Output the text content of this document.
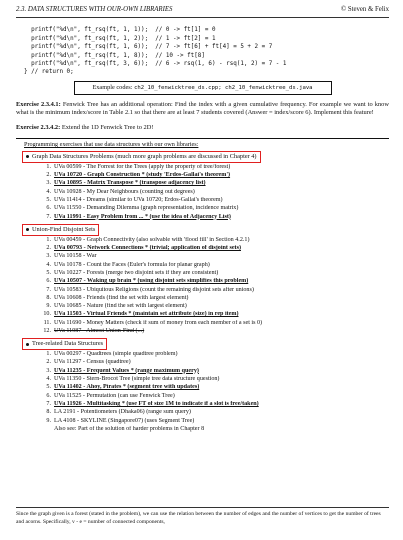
2.3. DATA STRUCTURES WITH OUR-OWN LIBRARIES	© Steven & Felix
printf("%d\n", ft_rsq(ft, 1, 1));  // 0 -> ft[1] = 0
printf("%d\n", ft_rsq(ft, 1, 2));  // 1 -> ft[2] = 1
printf("%d\n", ft_rsq(ft, 1, 6));  // 7 -> ft[6] + ft[4] = 5 + 2 = 7
printf("%d\n", ft_rsq(ft, 1, 8));  // 10 -> ft[8]
printf("%d\n", ft_rsq(ft, 3, 6));  // 6 -> rsq(1, 6) - rsq(1, 2) = 7 - 1
} // return 0;
Example codes: ch2_10_fenwicktree_ds.cpp; ch2_10_fenwicktree_ds.java
Exercise 2.3.4.1: Fenwick Tree has an additional operation: Find the index with a given cumulative frequency. For example we want to know what is the minimum index/score in Table 2.1 so that there are at least 7 students covered (Answer = index/score 6). Implement this feature!
Exercise 2.3.4.2: Extend the 1D Fenwick Tree to 2D!
Programming exercises that use data structures with our own libraries:
Graph Data Structures Problems (much more graph problems are discussed in Chapter 4)
1. UVa 00599 - The Forrest for the Trees (apply the property of tree/forest)
2. UVa 10720 - Graph Construction * (study 'Erdos-Gallai's theorem')
3. UVa 10895 - Matrix Transpose * (transpose adjacency list)
4. UVa 10928 - My Dear Neighbours (counting out degrees)
5. UVa 11414 - Dreams (similar to UVa 10720; Erdos-Gallai's theorem)
6. UVa 11550 - Demanding Dilemma (graph representation, incidence matrix)
7. UVa 11991 - Easy Problem from ... * (use the idea of Adjacency List)
Union-Find Disjoint Sets
1. UVa 00459 - Graph Connectivity (also solvable with 'flood fill' in Section 4.2.1)
2. UVa 00793 - Network Connections * (trivial; application of disjoint sets)
3. UVa 10158 - War
4. UVa 10178 - Count the Faces (Euler's formula for planar graph)
5. UVa 10227 - Forests (merge two disjoint sets if they are consistent)
6. UVa 10507 - Waking up brain * (using disjoint sets simplifies this problem)
7. UVa 10583 - Ubiquitous Religions (count the remaining disjoint sets after unions)
8. UVa 10608 - Friends (find the set with largest element)
9. UVa 10685 - Nature (find the set with largest element)
10. UVa 11503 - Virtual Friends * (maintain set attribute (size) in rep item)
11. UVa 11690 - Money Matters (check if sum of money from each member of a set is 0)
12. UVa 11987 - Almost Union-Find (...)
Tree-related Data Structures
1. UVa 00297 - Quadtrees (simple quadtree problem)
2. UVa 11297 - Census (quadtree)
3. UVa 11235 - Frequent Values * (range maximum query)
4. UVa 11350 - Stern-Brocot Tree (simple tree data structure question)
5. UVa 11402 - Ahoy, Pirates * (segment tree with updates)
6. UVa 11525 - Permutation (can use Fenwick Tree)
7. UVa 11926 - Multitasking * (use FT of size 1M to indicate if a slot is free/taken)
8. LA 2191 - Potentiometers (Dhaka06) (range sum query)
9. LA 4108 - SKYLINE (Singapore07) (uses Segment Tree)
Also see: Part of the solution of harder problems in Chapter 8
Since the graph given is a forest (stated in the problem), we can use the relation between the number of edges and the number of vertices to get the number of trees and acorns. Specifically, v - e = number of connected components,
